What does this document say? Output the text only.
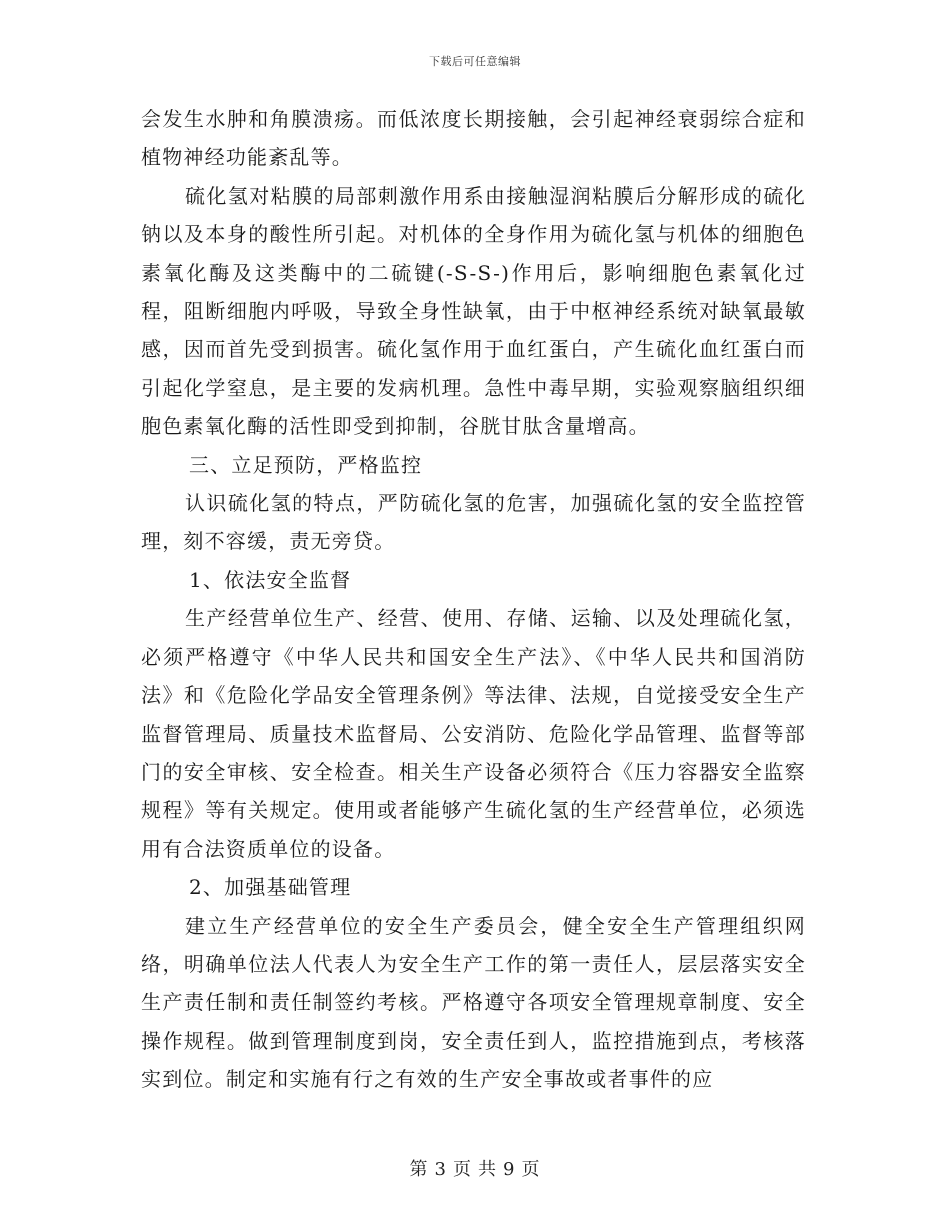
下载后可任意编辑

会发生水肿和角膜溃疡。而低浓度长期接触，会引起神经衰弱综合症和植物神经功能紊乱等。

硫化氢对粘膜的局部刺激作用系由接触湿润粘膜后分解形成的硫化钠以及本身的酸性所引起。对机体的全身作用为硫化氢与机体的细胞色素氧化酶及这类酶中的二硫键(-S-S-)作用后，影响细胞色素氧化过程，阻断细胞内呼吸，导致全身性缺氧，由于中枢神经系统对缺氧最敏感，因而首先受到损害。硫化氢作用于血红蛋白，产生硫化血红蛋白而引起化学窒息，是主要的发病机理。急性中毒早期，实验观察脑组织细胞色素氧化酶的活性即受到抑制，谷胱甘肽含量增高。

三、立足预防，严格监控

认识硫化氢的特点，严防硫化氢的危害，加强硫化氢的安全监控管理，刻不容缓，责无旁贷。

1、依法安全监督

生产经营单位生产、经营、使用、存储、运输、以及处理硫化氢，必须严格遵守《中华人民共和国安全生产法》、《中华人民共和国消防法》和《危险化学品安全管理条例》等法律、法规，自觉接受安全生产监督管理局、质量技术监督局、公安消防、危险化学品管理、监督等部门的安全审核、安全检查。相关生产设备必须符合《压力容器安全监察规程》等有关规定。使用或者能够产生硫化氢的生产经营单位，必须选用有合法资质单位的设备。

2、加强基础管理

建立生产经营单位的安全生产委员会，健全安全生产管理组织网络，明确单位法人代表人为安全生产工作的第一责任人，层层落实安全生产责任制和责任制签约考核。严格遵守各项安全管理规章制度、安全操作规程。做到管理制度到岗，安全责任到人，监控措施到点，考核落实到位。制定和实施有行之有效的生产安全事故或者事件的应

第 3 页 共 9 页
